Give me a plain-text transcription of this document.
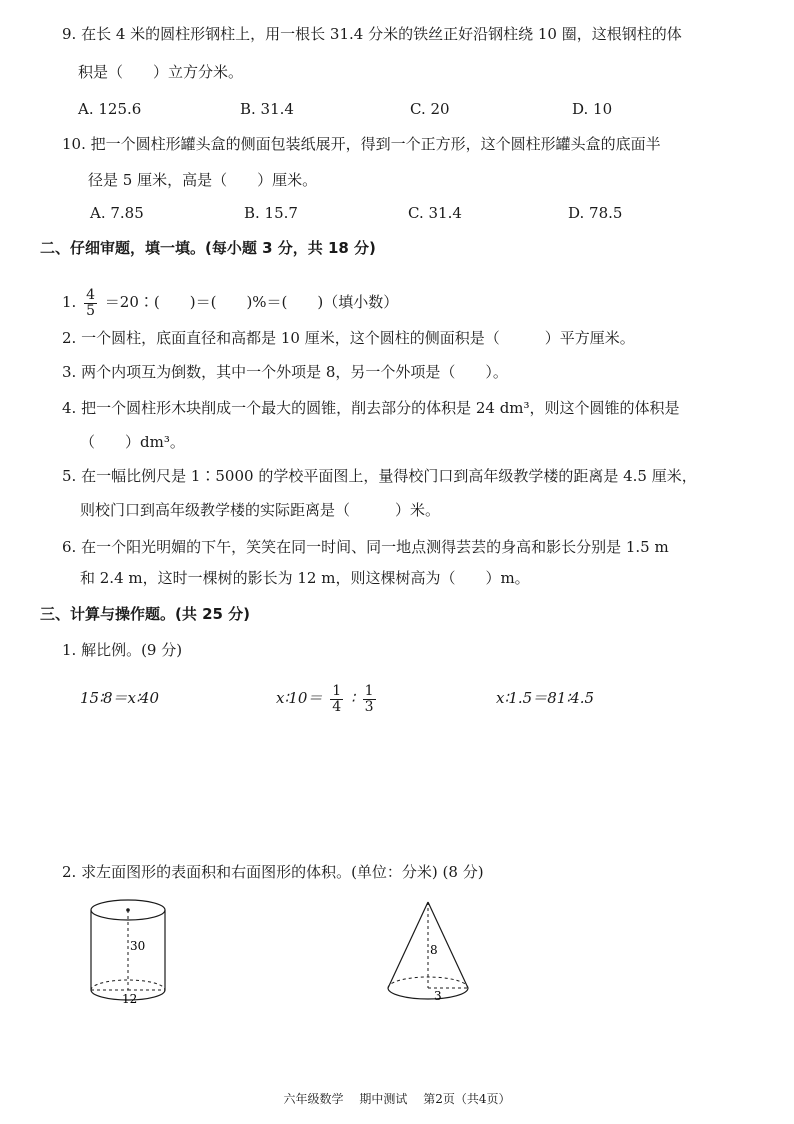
9. 在长 4 米的圆柱形钢柱上，用一根长 31.4 分米的铁丝正好沿钢柱绕 10 圈，这根钢柱的体
积是（　　）立方分米。
A. 125.6	B. 31.4	C. 20	D. 10
10. 把一个圆柱形罐头盒的侧面包装纸展开，得到一个正方形，这个圆柱形罐头盒的底面半
径是 5 厘米，高是（　　）厘米。
A. 7.85	B. 15.7	C. 31.4	D. 78.5
二、仔细审题，填一填。(每小题 3 分，共 18 分)
1. $\frac{4}{5}$ ＝20∶(　　)＝(　　)%＝(　　)（填小数）
2. 一个圆柱，底面直径和高都是 10 厘米，这个圆柱的侧面积是（　　　）平方厘米。
3. 两个内项互为倒数，其中一个外项是 8，另一个外项是（　　）。
4. 把一个圆柱形木块削成一个最大的圆锥，削去部分的体积是 24 dm³，则这个圆锥的体积是
（　　）dm³。
5. 在一幅比例尺是 1∶5000 的学校平面图上，量得校门口到高年级教学楼的距离是 4.5 厘米，
则校门口到高年级教学楼的实际距离是（　　　）米。
6. 在一个阳光明媚的下午，笑笑在同一时间、同一地点测得芸芸的身高和影长分别是 1.5 m
和 2.4 m，这时一棵树的影长为 12 m，则这棵树高为（　　）m。
三、计算与操作题。(共 25 分)
1. 解比例。(9 分)
15∶8＝x∶40	x∶10＝ $\frac{1}{4}$ ∶ $\frac{1}{3}$	x∶1.5＝81∶4.5
2. 求左面图形的表面积和右面图形的体积。(单位：分米) (8 分)
30
12
8
3
六年级数学 期中测试 第2页（共4页）
